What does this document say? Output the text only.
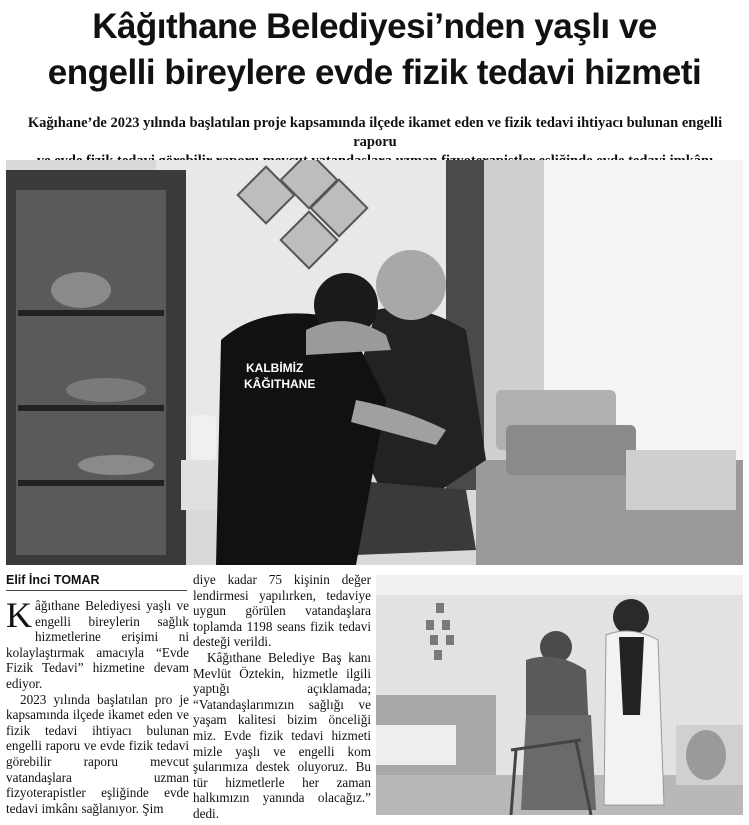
Kâğıthane Belediyesi’nden yaşlı ve
engelli bireylere evde fizik tedavi hizmeti
Kağıhane’de 2023 yılında başlatılan proje kapsamında ilçede ikamet eden ve fizik tedavi ihtiyacı bulunan engelli raporu
KALBİMİZ
KÂĞITHANE
Elif İnci TOMAR

Kâğıthane Belediyesi yaşlı ve engelli bireylerin sağlık hizmetlerine erişimi ni kolaylaştırmak amacıyla “Evde Fizik Tedavi” hizmetine devam ediyor.

2023 yılında başlatılan pro je kapsamında ilçede ikamet eden ve fizik tedavi ihtiyacı bulunan engelli raporu ve evde fizik tedavi görebilir raporu mevcut vatandaşlara uzman fizyoterapistler eşliğinde evde tedavi imkânı sağlanıyor. Şim

diye kadar 75 kişinin değer lendirmesi yapılırken, tedaviye uygun görülen vatandaşlara toplamda 1198 seans fizik tedavi desteği verildi.

Kâğıthane Belediye Baş kanı Mevlüt Öztekin, hizmetle ilgili yaptığı açıklamada; “Vatandaşlarımızın sağlığı ve yaşam kalitesi bizim önceliği miz. Evde fizik tedavi hizmeti mizle yaşlı ve engelli kom şularımıza destek oluyoruz. Bu tür hizmetlerle her zaman halkımızın yanında olacağız.” dedi.
